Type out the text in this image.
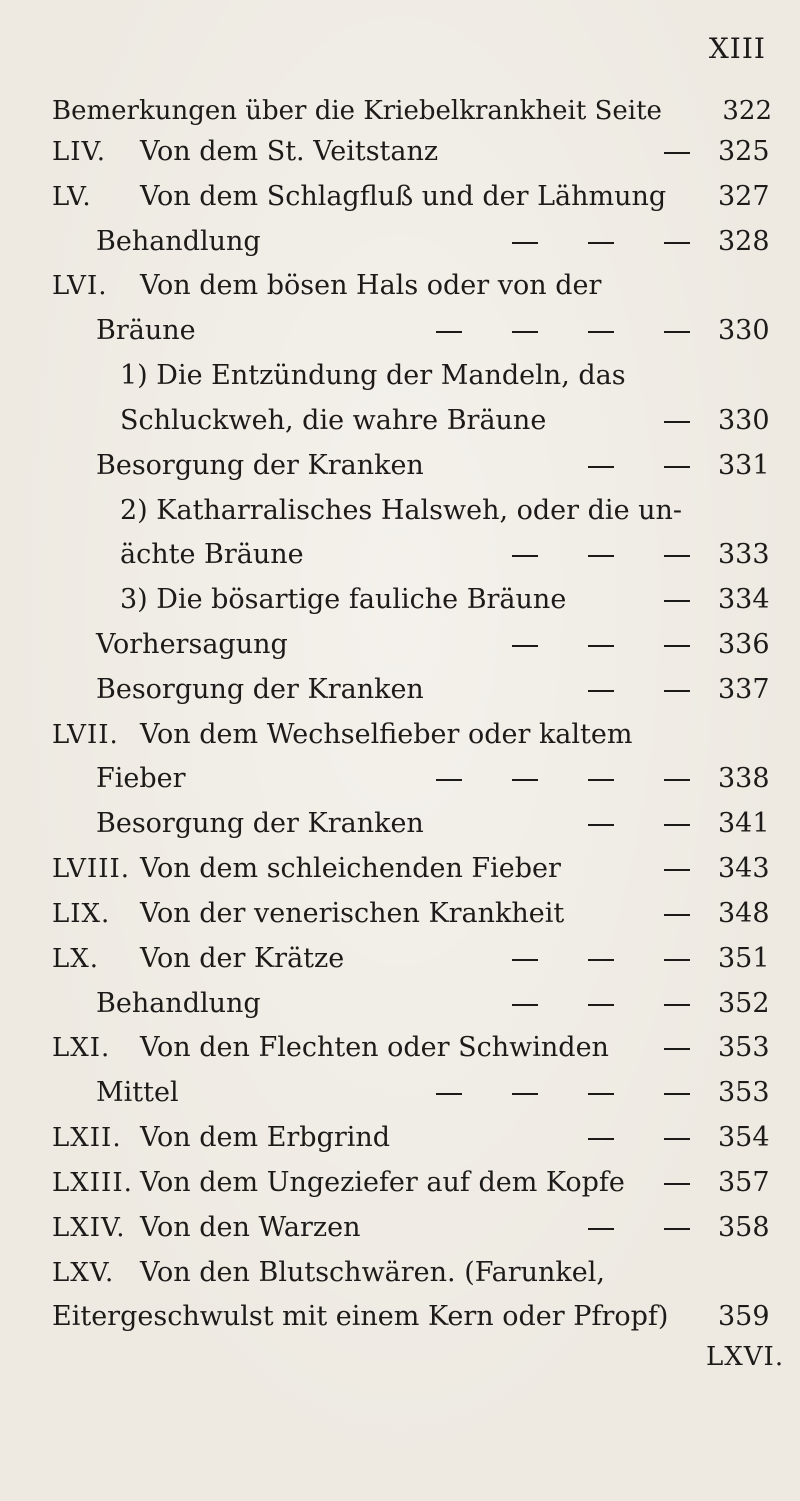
XIII
Bemerkungen über die Kriebelkrankheit Seite 322
LIV. Von dem St. Veitstanz	325
LV. Von dem Schlagfluß und der Lähmung 327
Behandlung	328
LVI. Von dem bösen Hals oder von der
Bräune	330
1) Die Entzündung der Mandeln, das
Schluckweh, die wahre Bräune	330
Besorgung der Kranken	331
2) Katharralisches Halsweh, oder die un-
ächte Bräune	333
3) Die bösartige fauliche Bräune	334
Vorhersagung	336
Besorgung der Kranken	337
LVII. Von dem Wechselfieber oder kaltem
Fieber	338
Besorgung der Kranken	341
LVIII. Von dem schleichenden Fieber	343
LIX. Von der venerischen Krankheit	348
LX. Von der Krätze	351
Behandlung	352
LXI. Von den Flechten oder Schwinden	353
Mittel	353
LXII. Von dem Erbgrind	354
LXIII. Von dem Ungeziefer auf dem Kopfe	357
LXIV. Von den Warzen	358
LXV. Von den Blutschwären. (Farunkel,
Eitergeschwulst mit einem Kern oder Pfropf) 359
LXVI.
